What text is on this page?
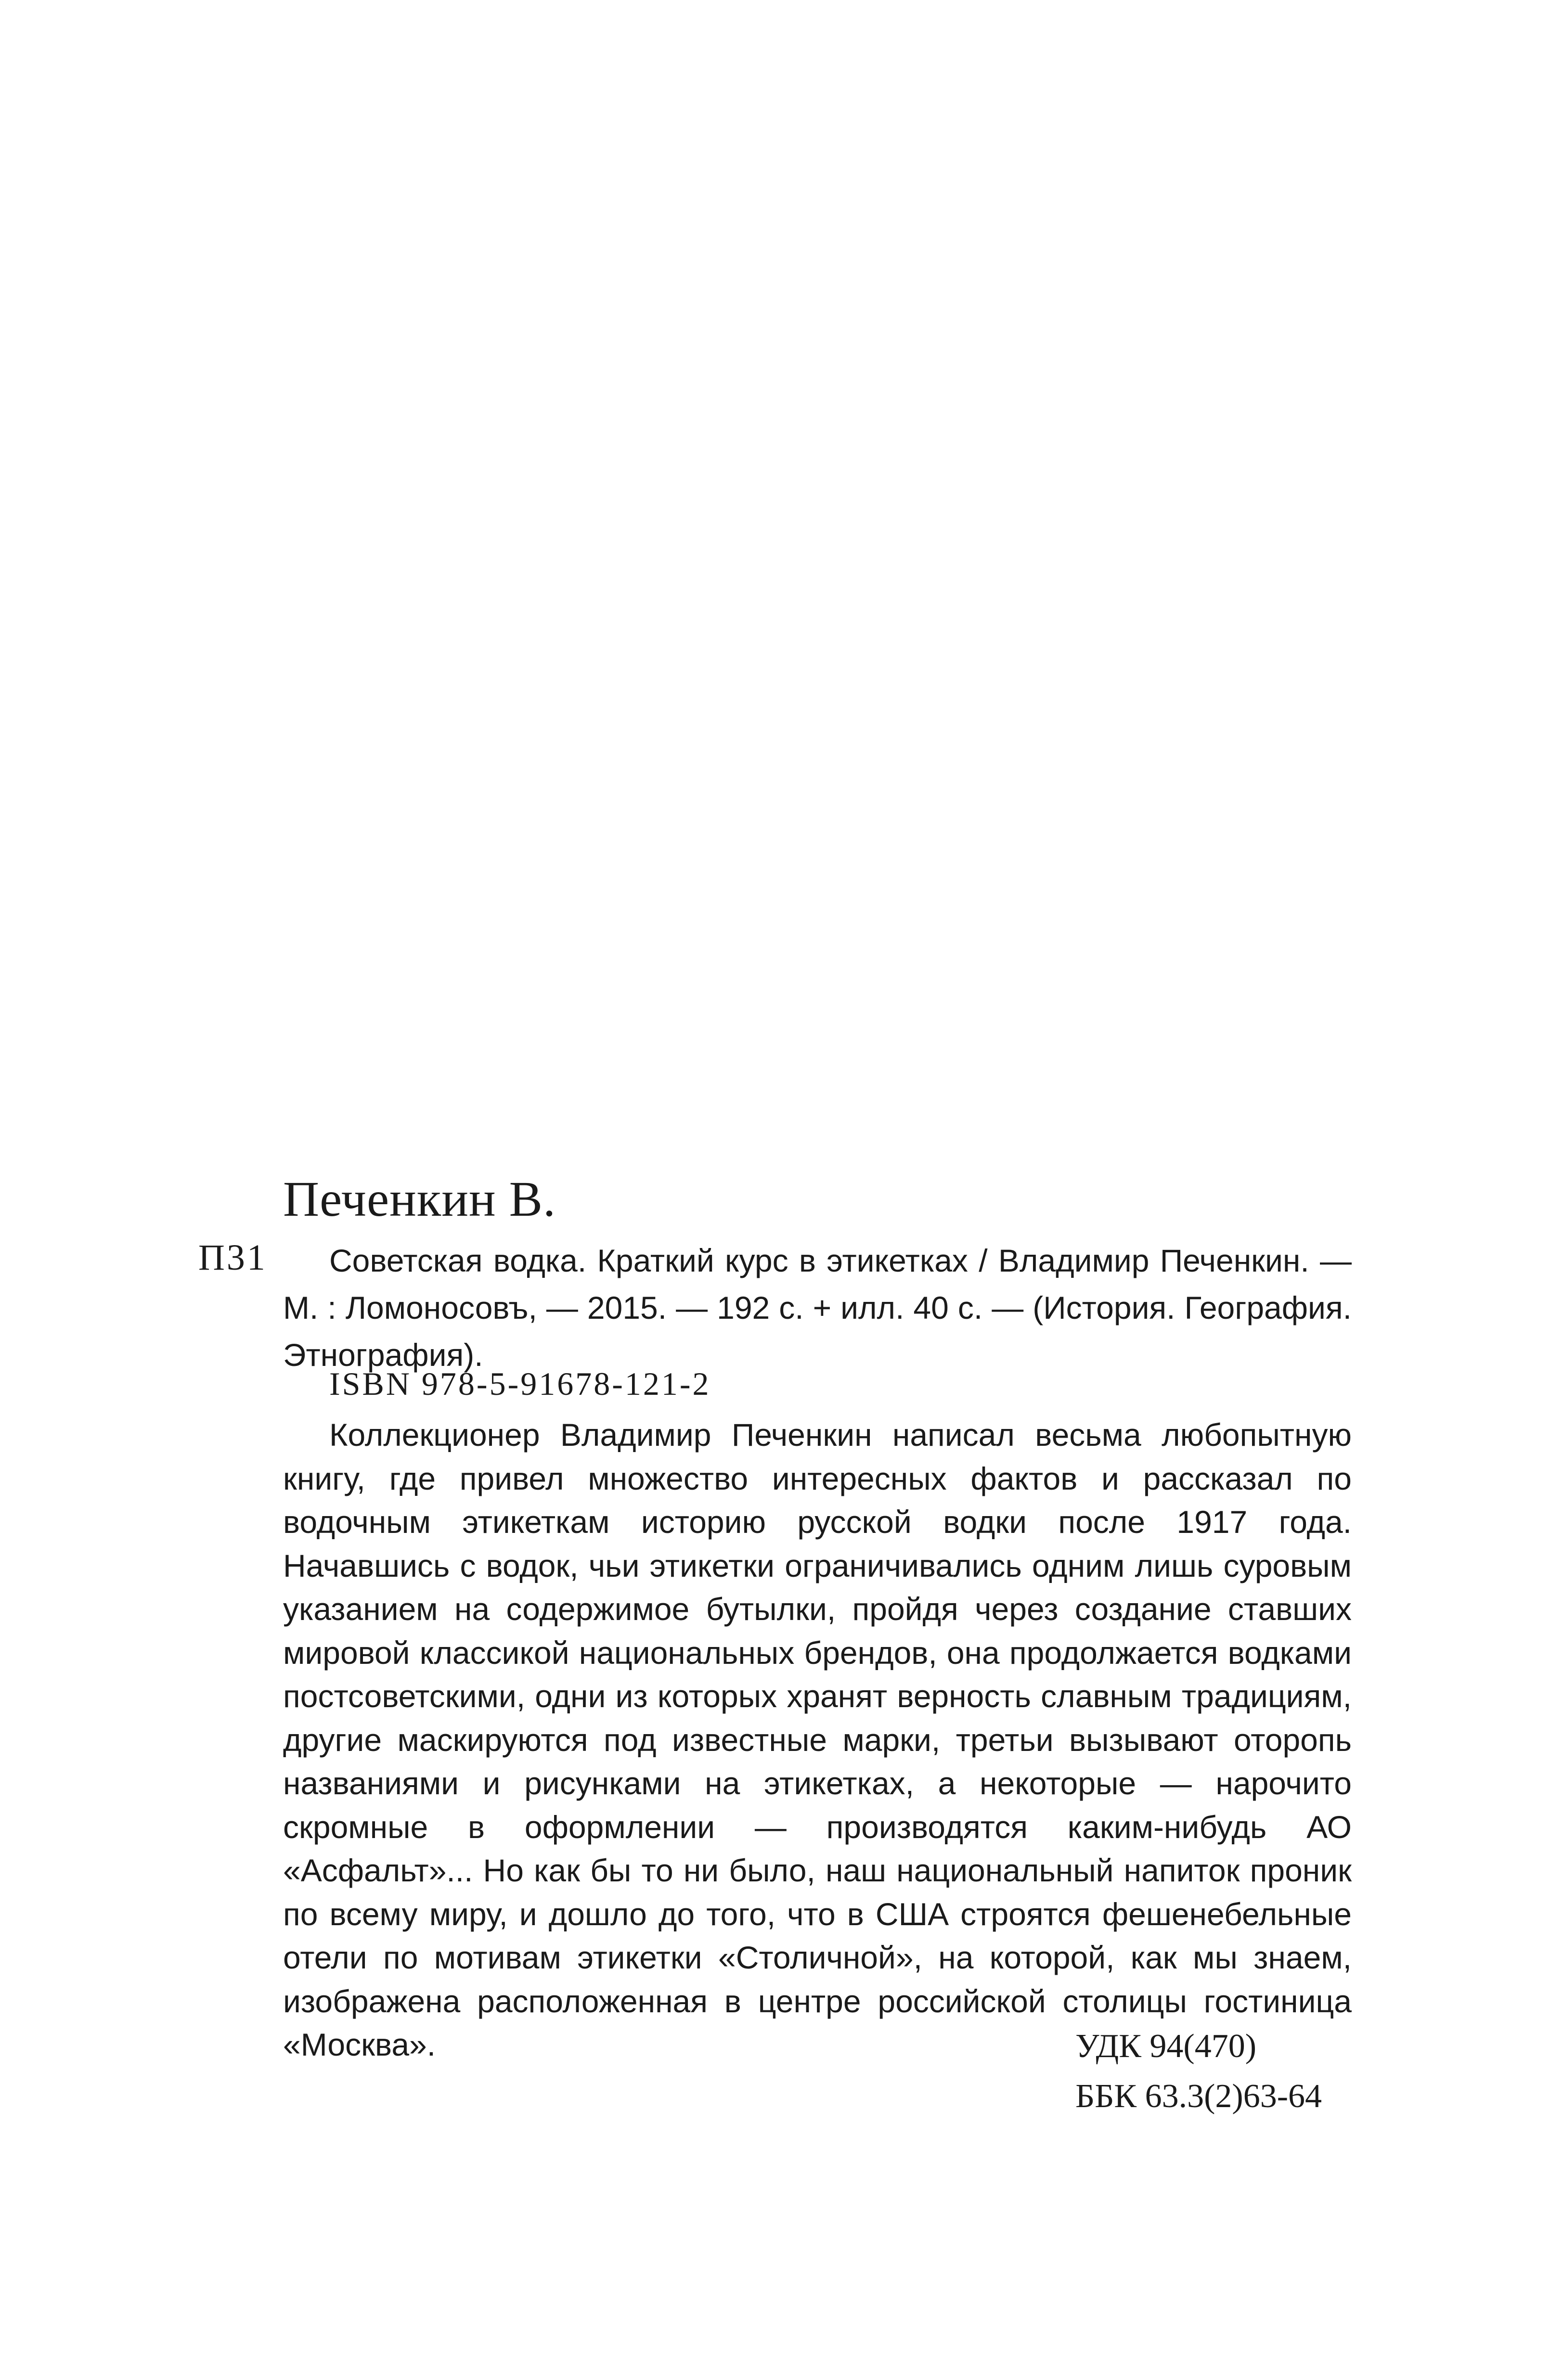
Печенкин В.
П31	Советская водка. Краткий курс в этикетках / Владимир Печенкин. — М. : Ломоносовъ, — 2015. — 192 с. + илл. 40 с. — (История. География. Этнография).

ISBN 978-5-91678-121-2

Коллекционер Владимир Печенкин написал весьма любопытную книгу, где привел множество интересных фактов и рассказал по водочным этикеткам историю русской водки после 1917 года. Начавшись с водок, чьи этикетки ограничивались одним лишь суровым указанием на содержимое бутылки, пройдя через создание ставших мировой классикой национальных брендов, она продолжается водками постсоветскими, одни из которых хранят верность славным традициям, другие маскируются под известные марки, третьи вызывают оторопь названиями и рисунками на этикетках, а некоторые — нарочито скромные в оформлении — производятся каким-нибудь АО «Асфальт»... Но как бы то ни было, наш национальный напиток проник по всему миру, и дошло до того, что в США строятся фешенебельные отели по мотивам этикетки «Столичной», на которой, как мы знаем, изображена расположенная в центре российской столицы гостиница «Москва».	УДК 94(470)
ББК 63.3(2)63-64
